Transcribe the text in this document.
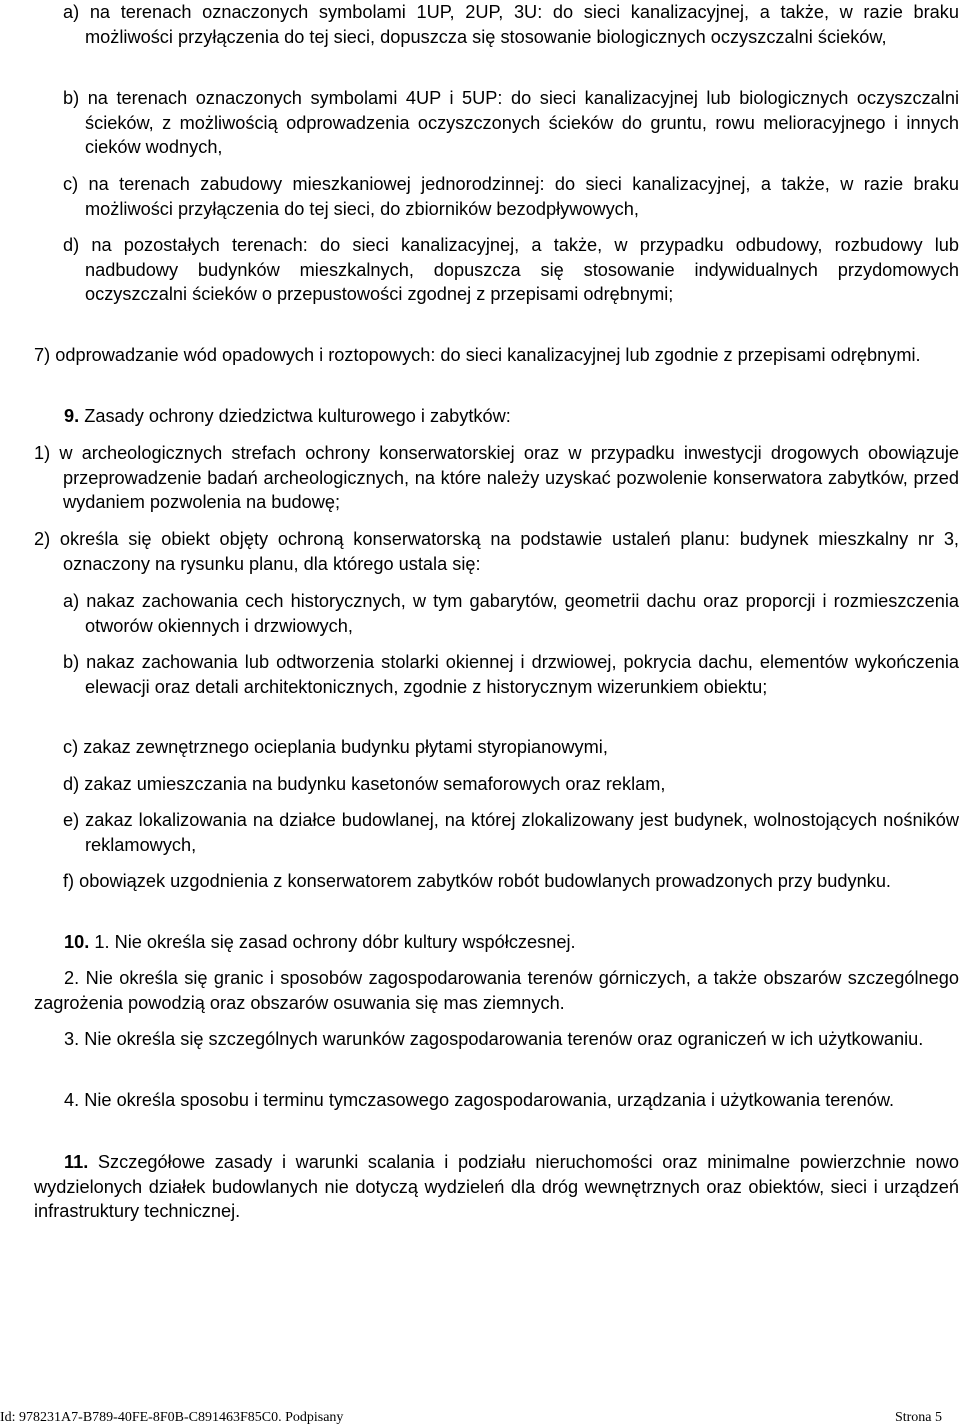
a) na terenach oznaczonych symbolami 1UP, 2UP, 3U: do sieci kanalizacyjnej, a także, w razie braku możliwości przyłączenia do tej sieci, dopuszcza się stosowanie biologicznych oczyszczalni ścieków,

b) na terenach oznaczonych symbolami 4UP i 5UP: do sieci kanalizacyjnej lub biologicznych oczyszczalni ścieków, z możliwością odprowadzenia oczyszczonych ścieków do gruntu, rowu melioracyjnego i innych cieków wodnych,

c) na terenach zabudowy mieszkaniowej jednorodzinnej: do sieci kanalizacyjnej, a także, w razie braku możliwości przyłączenia do tej sieci, do zbiorników bezodpływowych,

d) na pozostałych terenach: do sieci kanalizacyjnej, a także, w przypadku odbudowy, rozbudowy lub nadbudowy budynków mieszkalnych, dopuszcza się stosowanie indywidualnych przydomowych oczyszczalni ścieków o przepustowości zgodnej z przepisami odrębnymi;

7) odprowadzanie wód opadowych i roztopowych: do sieci kanalizacyjnej lub zgodnie z przepisami odrębnymi.

9. Zasady ochrony dziedzictwa kulturowego i zabytków:

1) w archeologicznych strefach ochrony konserwatorskiej oraz w przypadku inwestycji drogowych obowiązuje przeprowadzenie badań archeologicznych, na które należy uzyskać pozwolenie konserwatora zabytków, przed wydaniem pozwolenia na budowę;

2) określa się obiekt objęty ochroną konserwatorską na podstawie ustaleń planu: budynek mieszkalny nr 3, oznaczony na rysunku planu, dla którego ustala się:

a) nakaz zachowania cech historycznych, w tym gabarytów, geometrii dachu oraz proporcji i rozmieszczenia otworów okiennych i drzwiowych,

b) nakaz zachowania lub odtworzenia stolarki okiennej i drzwiowej, pokrycia dachu, elementów wykończenia elewacji oraz detali architektonicznych, zgodnie z historycznym wizerunkiem obiektu;

c) zakaz zewnętrznego ocieplania budynku płytami styropianowymi,

d) zakaz umieszczania na budynku kasetonów semaforowych oraz reklam,

e) zakaz lokalizowania na działce budowlanej, na której zlokalizowany jest budynek, wolnostojących nośników reklamowych,

f) obowiązek uzgodnienia z konserwatorem zabytków robót budowlanych prowadzonych przy budynku.

10. 1. Nie określa się zasad ochrony dóbr kultury współczesnej.

2. Nie określa się granic i sposobów zagospodarowania terenów górniczych, a także obszarów szczególnego zagrożenia powodzią oraz obszarów osuwania się mas ziemnych.

3. Nie określa się szczególnych warunków zagospodarowania terenów oraz ograniczeń w ich użytkowaniu.

4. Nie określa sposobu i terminu tymczasowego zagospodarowania, urządzania i użytkowania terenów.

11. Szczegółowe zasady i warunki scalania i podziału nieruchomości oraz minimalne powierzchnie nowo wydzielonych działek budowlanych nie dotyczą wydzieleń dla dróg wewnętrznych oraz obiektów, sieci i urządzeń infrastruktury technicznej.

Id: 978231A7-B789-40FE-8F0B-C891463F85C0. Podpisany	Strona 5
